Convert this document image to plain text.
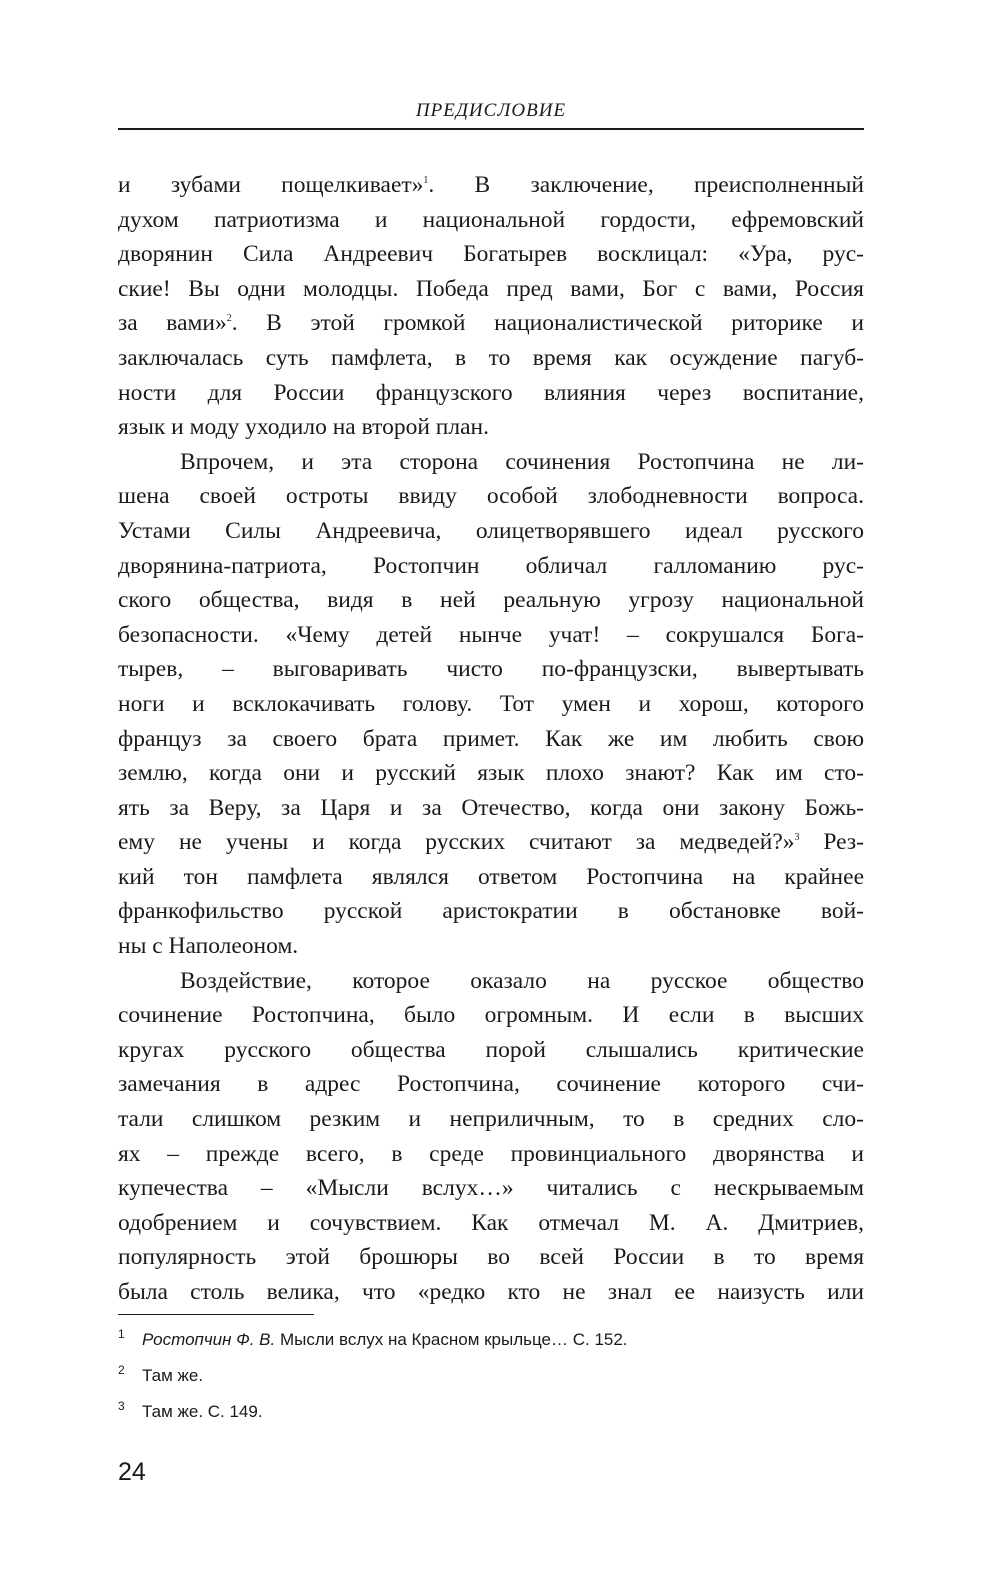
ПРЕДИСЛОВИЕ
и зубами пощелкивает»$^1$. В заключение, преисполненный
духом патриотизма и национальной гордости, ефремовский
дворянин Сила Андреевич Богатырев восклицал: «Ура, рус-
ские! Вы одни молодцы. Победа пред вами, Бог с вами, Россия
за вами»$^2$. В этой громкой националистической риторике и
заключалась суть памфлета, в то время как осуждение пагуб-
ности для России французского влияния через воспитание,
язык и моду уходило на второй план.
Впрочем, и эта сторона сочинения Ростопчина не ли-
шена своей остроты ввиду особой злободневности вопроса.
Устами Силы Андреевича, олицетворявшего идеал русского
дворянина-патриота, Ростопчин обличал галломанию рус-
ского общества, видя в ней реальную угрозу национальной
безопасности. «Чему детей нынче учат! – сокрушался Бога-
тырев, – выговаривать чисто по-французски, вывертывать
ноги и всклокачивать голову. Тот умен и хорош, которого
француз за своего брата примет. Как же им любить свою
землю, когда они и русский язык плохо знают? Как им сто-
ять за Веру, за Царя и за Отечество, когда они закону Божь-
ему не учены и когда русских считают за медведей?»$^3$ Рез-
кий тон памфлета являлся ответом Ростопчина на крайнее
франкофильство русской аристократии в обстановке вой-
ны с Наполеоном.
Воздействие, которое оказало на русское общество
сочинение Ростопчина, было огромным. И если в высших
кругах русского общества порой слышались критические
замечания в адрес Ростопчина, сочинение которого счи-
тали слишком резким и неприличным, то в средних сло-
ях – прежде всего, в среде провинциального дворянства и
купечества – «Мысли вслух…» читались с нескрываемым
одобрением и сочувствием. Как отмечал М. А. Дмитриев,
популярность этой брошюры во всей России в то время
была столь велика, что «редко кто не знал ее наизусть или
1 Ростопчин Ф. В. Мысли вслух на Красном крыльце… С. 152.
2 Там же.
3 Там же. С. 149.
24
